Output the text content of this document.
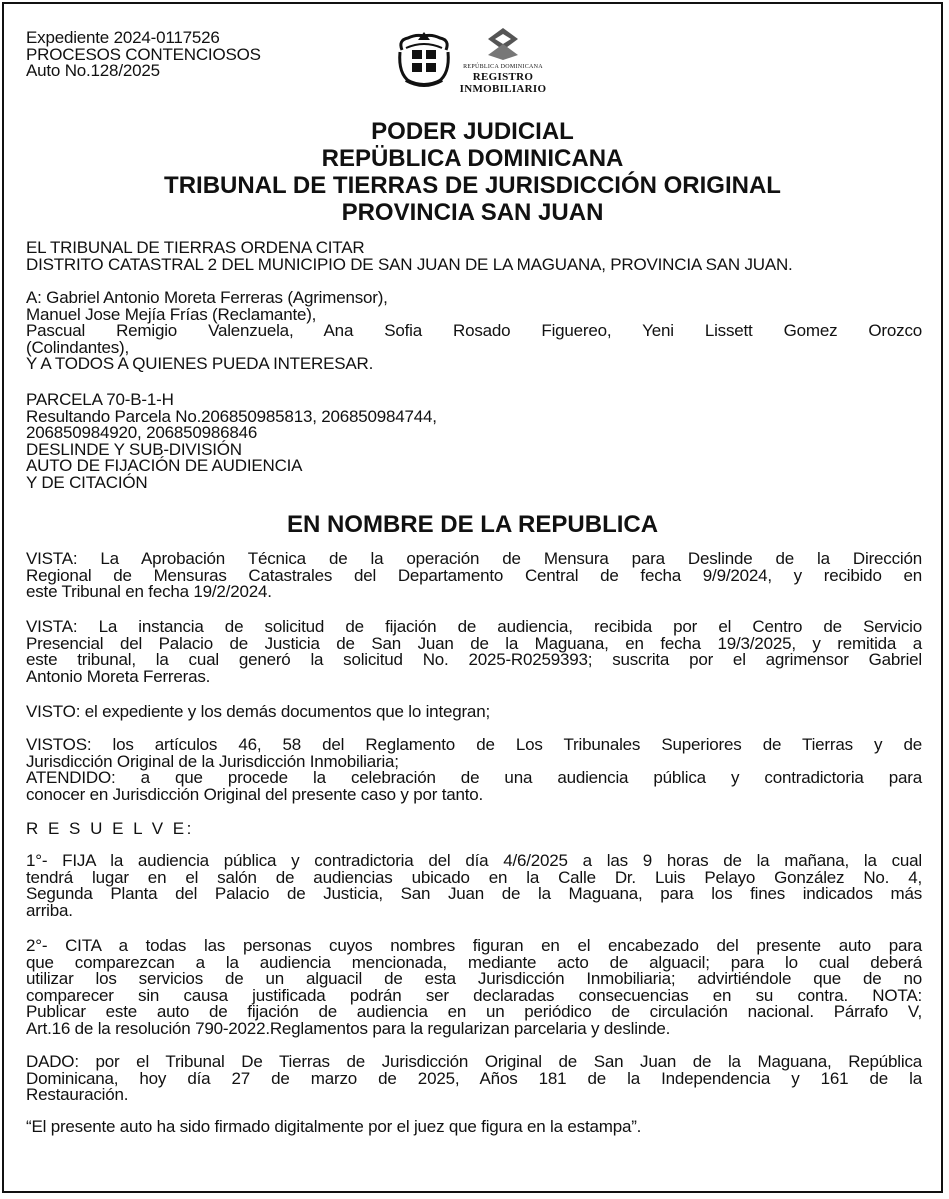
Expediente 2024-0117526
PROCESOS CONTENCIOSOS
Auto No.128/2025	REPÚBLICA DOMINICANA
REGISTRO
INMOBILIARIO
PODER JUDICIAL
REPÜBLICA DOMINICANA
TRIBUNAL DE TIERRAS DE JURISDICCIÓN ORIGINAL
PROVINCIA SAN JUAN
EL TRIBUNAL DE TIERRAS ORDENA CITAR
DISTRITO CATASTRAL 2 DEL MUNICIPIO DE SAN JUAN DE LA MAGUANA, PROVINCIA SAN JUAN.
A: Gabriel Antonio Moreta Ferreras (Agrimensor),
Manuel Jose Mejía Frías (Reclamante),
Pascual Remigio Valenzuela, Ana Sofia Rosado Figuereo, Yeni Lissett Gomez Orozco
(Colindantes),
Y A TODOS A QUIENES PUEDA INTERESAR.
PARCELA 70-B-1-H
Resultando Parcela No.206850985813, 206850984744,
206850984920, 206850986846
DESLINDE Y SUB-DIVISIÓN
AUTO DE FIJACIÓN DE AUDIENCIA
Y DE CITACIÓN
EN NOMBRE DE LA REPUBLICA
VISTA: La Aprobación Técnica de la operación de Mensura para Deslinde de la Dirección
Regional de Mensuras Catastrales del Departamento Central de fecha 9/9/2024, y recibido en
este Tribunal en fecha 19/2/2024.
VISTA: La instancia de solicitud de fijación de audiencia, recibida por el Centro de Servicio
Presencial del Palacio de Justicia de San Juan de la Maguana, en fecha 19/3/2025, y remitida a
este tribunal, la cual generó la solicitud No. 2025-R0259393; suscrita por el agrimensor Gabriel
Antonio Moreta Ferreras.
VISTO: el expediente y los demás documentos que lo integran;
VISTOS: los artículos 46, 58 del Reglamento de Los Tribunales Superiores de Tierras y de
Jurisdicción Original de la Jurisdicción Inmobiliaria;
ATENDIDO: a que procede la celebración de una audiencia pública y contradictoria para
conocer en Jurisdicción Original del presente caso y por tanto.
R E S U E L V E:
1°- FIJA la audiencia pública y contradictoria del día 4/6/2025 a las 9 horas de la mañana, la cual
tendrá lugar en el salón de audiencias ubicado en la Calle Dr. Luis Pelayo González No. 4,
Segunda Planta del Palacio de Justicia, San Juan de la Maguana, para los fines indicados más
arriba.
2°- CITA a todas las personas cuyos nombres figuran en el encabezado del presente auto para
que comparezcan a la audiencia mencionada, mediante acto de alguacil; para lo cual deberá
utilizar los servicios de un alguacil de esta Jurisdicción Inmobiliaria; advirtiéndole que de no
comparecer sin causa justificada podrán ser declaradas consecuencias en su contra. NOTA:
Publicar este auto de fijación de audiencia en un periódico de circulación nacional. Párrafo V,
Art.16 de la resolución 790-2022.Reglamentos para la regularizan parcelaria y deslinde.
DADO: por el Tribunal De Tierras de Jurisdicción Original de San Juan de la Maguana, República
Dominicana, hoy día 27 de marzo de 2025, Años 181 de la Independencia y 161 de la
Restauración.
“El presente auto ha sido firmado digitalmente por el juez que figura en la estampa”.
